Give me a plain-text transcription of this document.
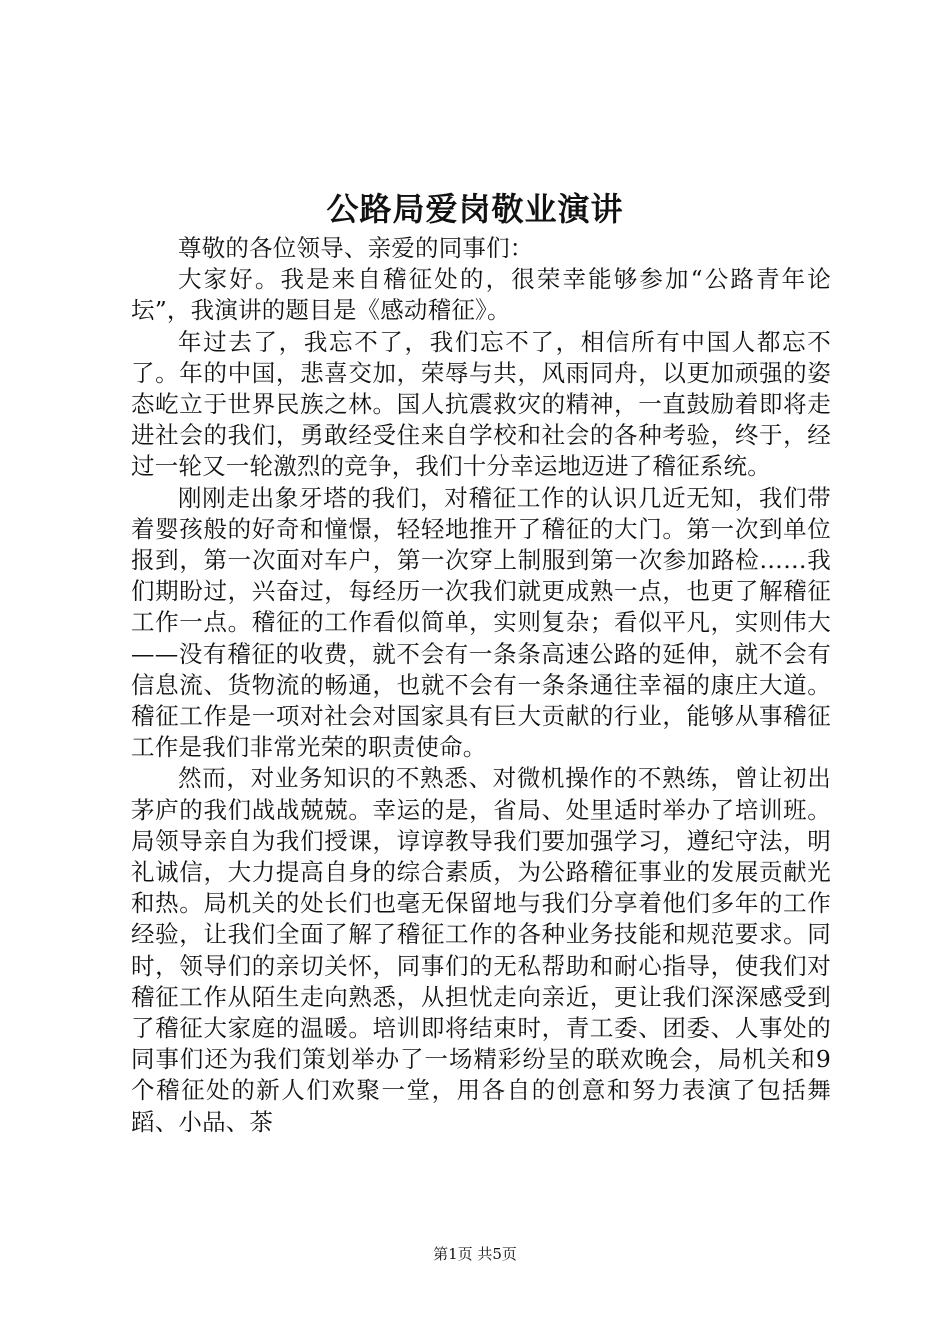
公路局爱岗敬业演讲

尊敬的各位领导、亲爱的同事们：

大家好。我是来自稽征处的，很荣幸能够参加“公路青年论坛”，我演讲的题目是《感动稽征》。

年过去了，我忘不了，我们忘不了，相信所有中国人都忘不了。年的中国，悲喜交加，荣辱与共，风雨同舟，以更加顽强的姿态屹立于世界民族之林。国人抗震救灾的精神，一直鼓励着即将走进社会的我们，勇敢经受住来自学校和社会的各种考验，终于，经过一轮又一轮激烈的竞争，我们十分幸运地迈进了稽征系统。

刚刚走出象牙塔的我们，对稽征工作的认识几近无知，我们带着婴孩般的好奇和憧憬，轻轻地推开了稽征的大门。第一次到单位报到，第一次面对车户，第一次穿上制服到第一次参加路检……我们期盼过，兴奋过，每经历一次我们就更成熟一点，也更了解稽征工作一点。稽征的工作看似简单，实则复杂；看似平凡，实则伟大——没有稽征的收费，就不会有一条条高速公路的延伸，就不会有信息流、货物流的畅通，也就不会有一条条通往幸福的康庄大道。稽征工作是一项对社会对国家具有巨大贡献的行业，能够从事稽征工作是我们非常光荣的职责使命。

然而，对业务知识的不熟悉、对微机操作的不熟练，曾让初出茅庐的我们战战兢兢。幸运的是，省局、处里适时举办了培训班。局领导亲自为我们授课，谆谆教导我们要加强学习，遵纪守法，明礼诚信，大力提高自身的综合素质，为公路稽征事业的发展贡献光和热。局机关的处长们也毫无保留地与我们分享着他们多年的工作经验，让我们全面了解了稽征工作的各种业务技能和规范要求。同时，领导们的亲切关怀，同事们的无私帮助和耐心指导，使我们对稽征工作从陌生走向熟悉，从担忧走向亲近，更让我们深深感受到了稽征大家庭的温暖。培训即将结束时，青工委、团委、人事处的同事们还为我们策划举办了一场精彩纷呈的联欢晚会，局机关和9个稽征处的新人们欢聚一堂，用各自的创意和努力表演了包括舞蹈、小品、茶

第1页 共5页
